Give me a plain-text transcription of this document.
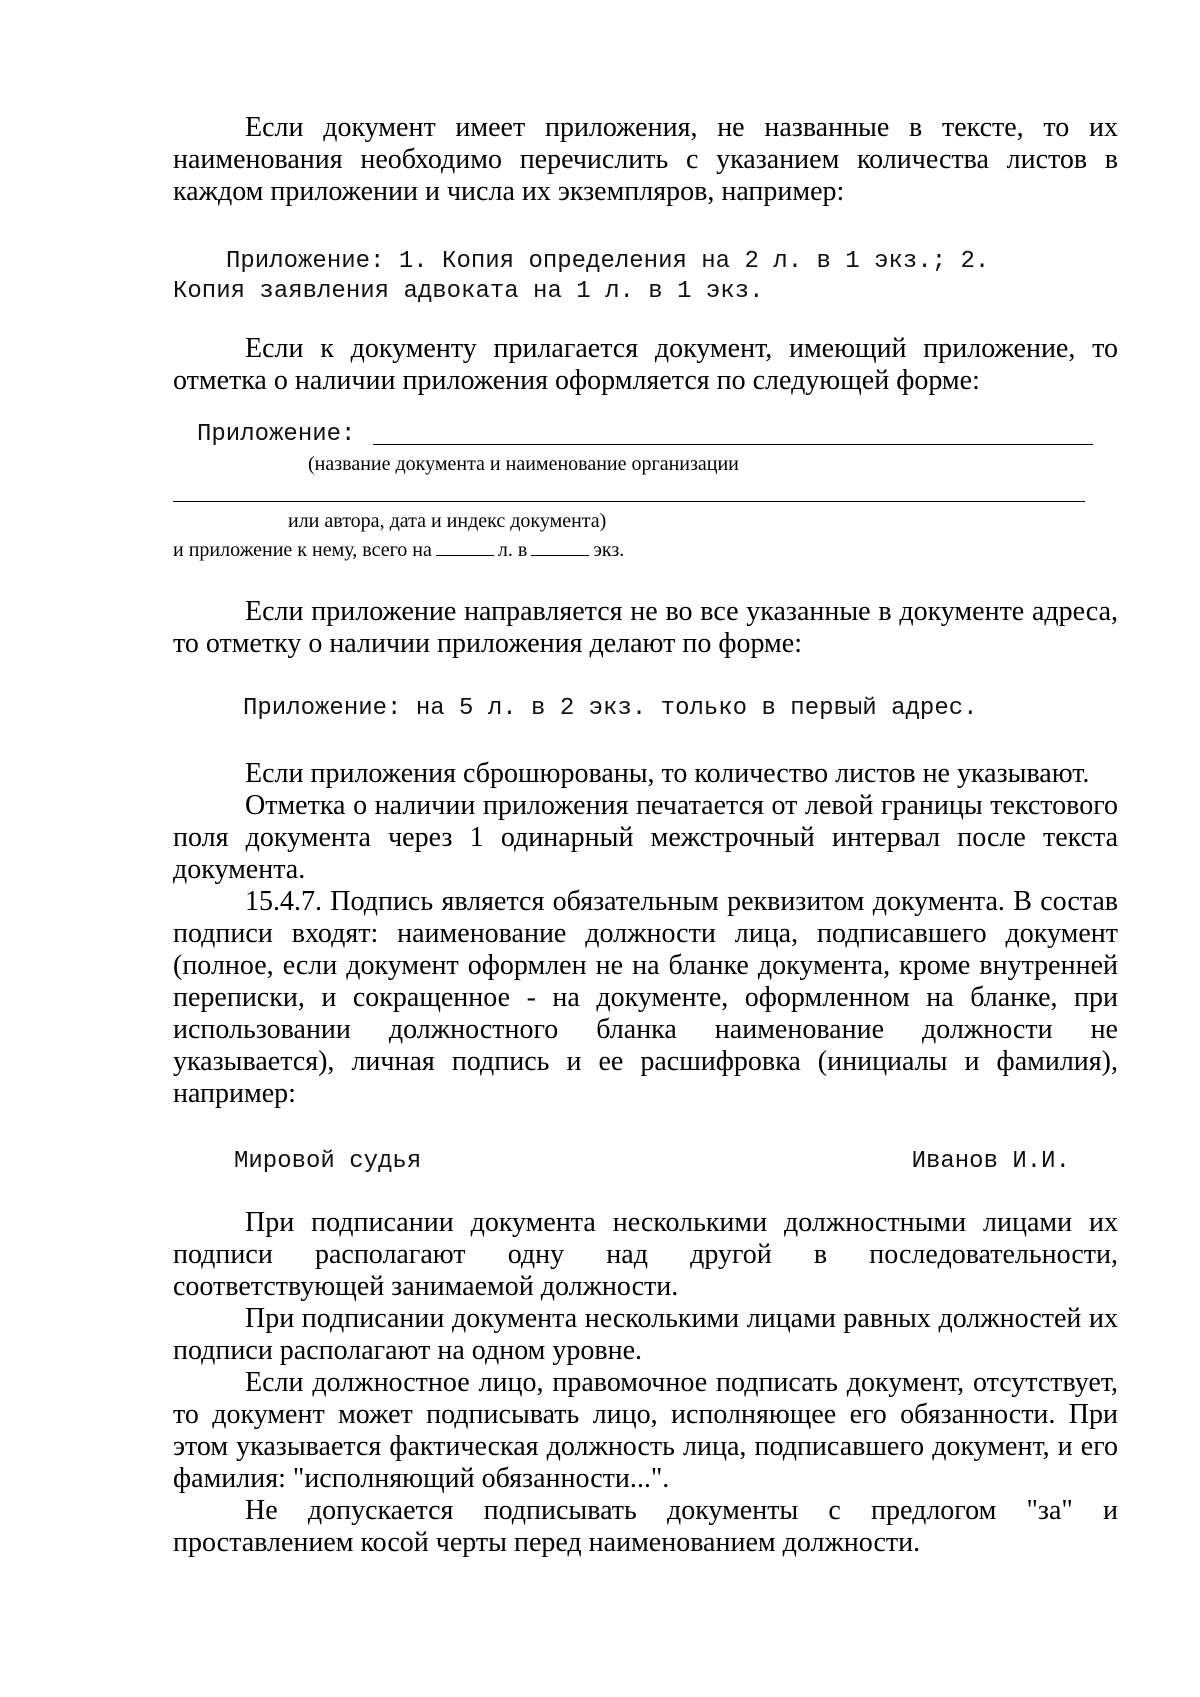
Если документ имеет приложения, не названные в тексте, то их наименования необходимо перечислить с указанием количества листов в каждом приложении и числа их экземпляров, например:

Приложение: 1. Копия определения на 2 л. в 1 экз.; 2.

Копия заявления адвоката на 1 л. в 1 экз.

Если к документу прилагается документ, имеющий приложение, то отметка о наличии приложения оформляется по следующей форме:

Приложение:

(название документа и наименование организации

или автора, дата и индекс документа)

и приложение к нему, всего на	л. в	экз.

Если приложение направляется не во все указанные в документе адреса, то отметку о наличии приложения делают по форме:

Приложение: на 5 л. в 2 экз. только в первый адрес.

Если приложения сброшюрованы, то количество листов не указывают.

Отметка о наличии приложения печатается от левой границы текстового поля документа через 1 одинарный межстрочный интервал после текста документа.

15.4.7. Подпись является обязательным реквизитом документа. В состав подписи входят: наименование должности лица, подписавшего документ (полное, если документ оформлен не на бланке документа, кроме внутренней переписки, и сокращенное - на документе, оформленном на бланке, при использовании должностного бланка наименование должности не указывается), личная подпись и ее расшифровка (инициалы и фамилия), например:

Мировой судья	Иванов И.И.

При подписании документа несколькими должностными лицами их подписи располагают одну над другой в последовательности, соответствующей занимаемой должности.

При подписании документа несколькими лицами равных должностей их подписи располагают на одном уровне.

Если должностное лицо, правомочное подписать документ, отсутствует, то документ может подписывать лицо, исполняющее его обязанности. При этом указывается фактическая должность лица, подписавшего документ, и его фамилия: "исполняющий обязанности...".

Не допускается подписывать документы с предлогом "за" и проставлением косой черты перед наименованием должности.
